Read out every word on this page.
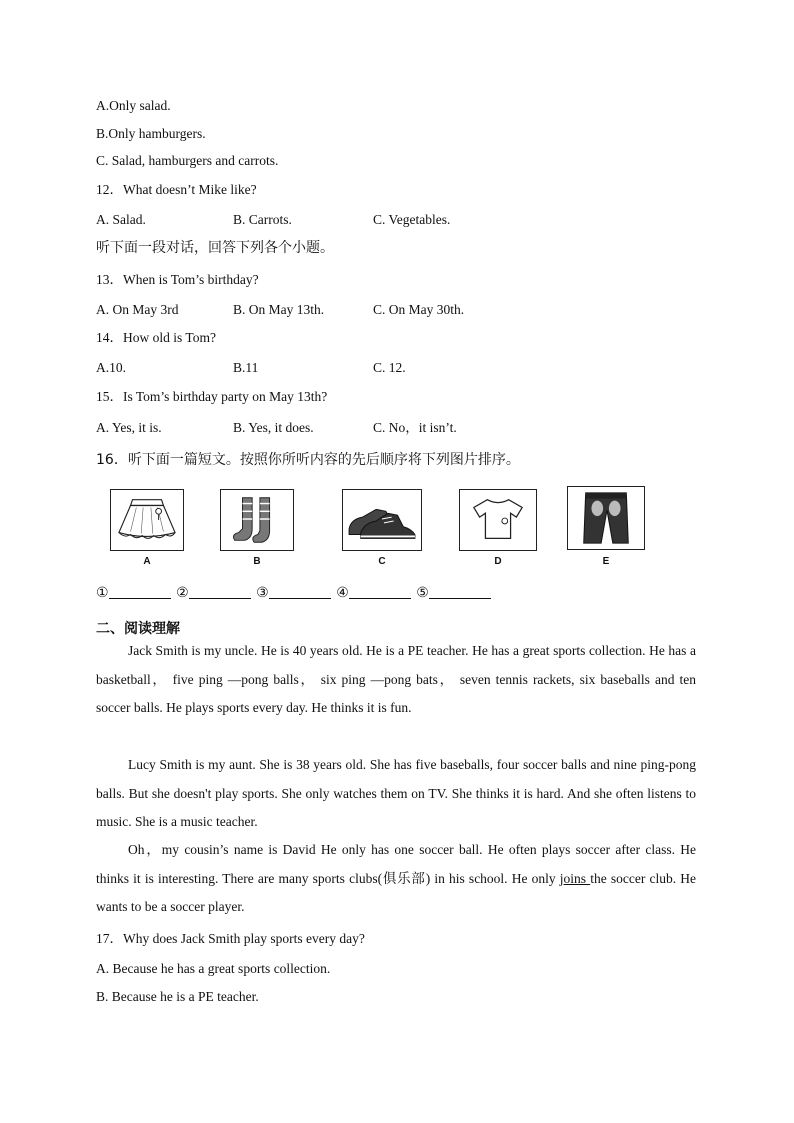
A.Only salad.
B.Only hamburgers.
C. Salad, hamburgers and carrots.
12．What doesn’t Mike like?
A. Salad.	B. Carrots.	C. Vegetables.
听下面一段对话，回答下列各个小题。
13．When is Tom’s birthday?
A. On May 3rd	B. On May 13th.	C. On May 30th.
14．How old is Tom?
A.10.	B.11	C. 12.
15．Is Tom’s birthday party on May 13th?
A. Yes, it is.	B. Yes, it does.	C. No，it isn’t.
16．听下面一篇短文。按照你所听内容的先后顺序将下列图片排序。
A	B	C	D	E
①	②	③	④	⑤
二、阅读理解
Jack Smith is my uncle. He is 40 years old. He is a PE teacher. He has a great sports collection. He has a basketball， five ping —pong balls， six ping —pong bats， seven tennis rackets, six baseballs and ten soccer balls. He plays sports every day. He thinks it is fun.
Lucy Smith is my aunt. She is 38 years old. She has five baseballs, four soccer balls and nine ping-pong balls. But she doesn't play sports. She only watches them on TV. She thinks it is hard. And she often listens to music. She is a music teacher.
Oh，my cousin’s name is David He only has one soccer ball. He often plays soccer after class. He thinks it is interesting. There are many sports clubs(俱乐部) in his school. He only joins the soccer club. He wants to be a soccer player.
17．Why does Jack Smith play sports every day?
A. Because he has a great sports collection.
B. Because he is a PE teacher.
